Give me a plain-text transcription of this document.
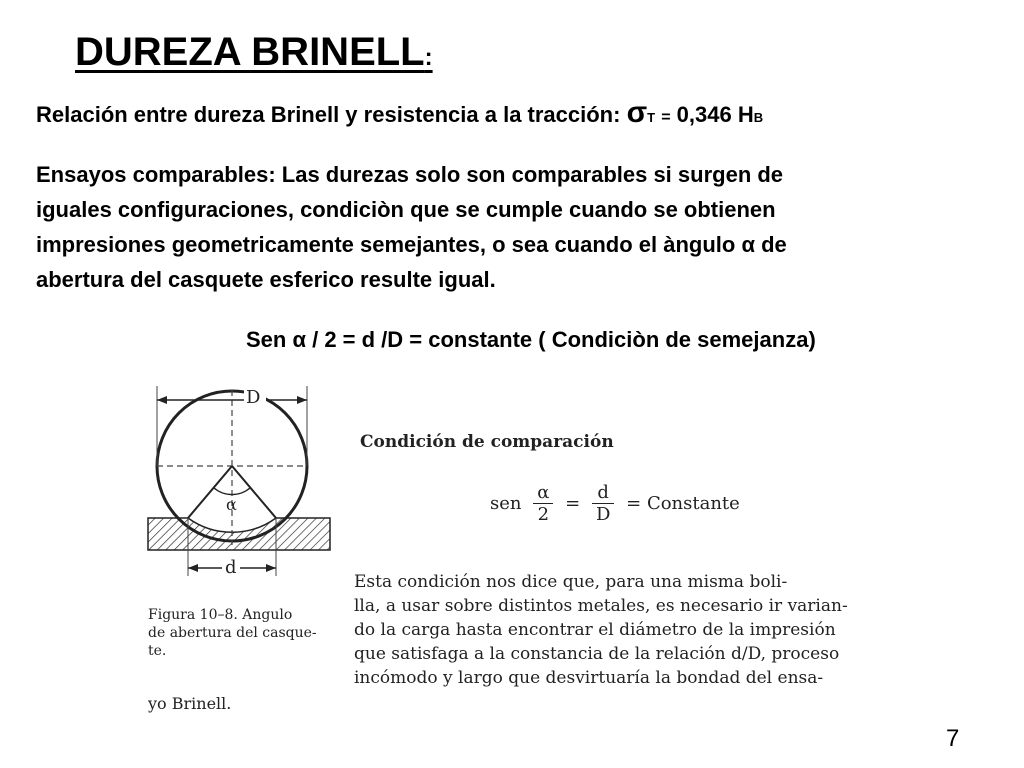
DUREZA BRINELL:
Relación entre dureza Brinell y resistencia a la tracción: σT = 0,346 HB
Ensayos comparables: Las durezas solo son comparables si surgen de
iguales configuraciones, condiciòn que se cumple cuando se obtienen
impresiones geometricamente semejantes, o sea cuando el àngulo α de
abertura del casquete esferico resulte igual.
Sen α / 2 = d /D = constante ( Condiciòn de semejanza)
D
α
d
Condición de comparación
sen $\frac{\alpha}{2} = \frac{d}{D}$ = Constante
Esta condición nos dice que, para una misma boli-
lla, a usar sobre distintos metales, es necesario ir varian-
do la carga hasta encontrar el diámetro de la impresión
que satisfaga a la constancia de la relación d/D, proceso
incómodo y largo que desvirtuaría la bondad del ensa-
Figura 10–8. Angulo
de abertura del casque-
te.
yo Brinell.
7
